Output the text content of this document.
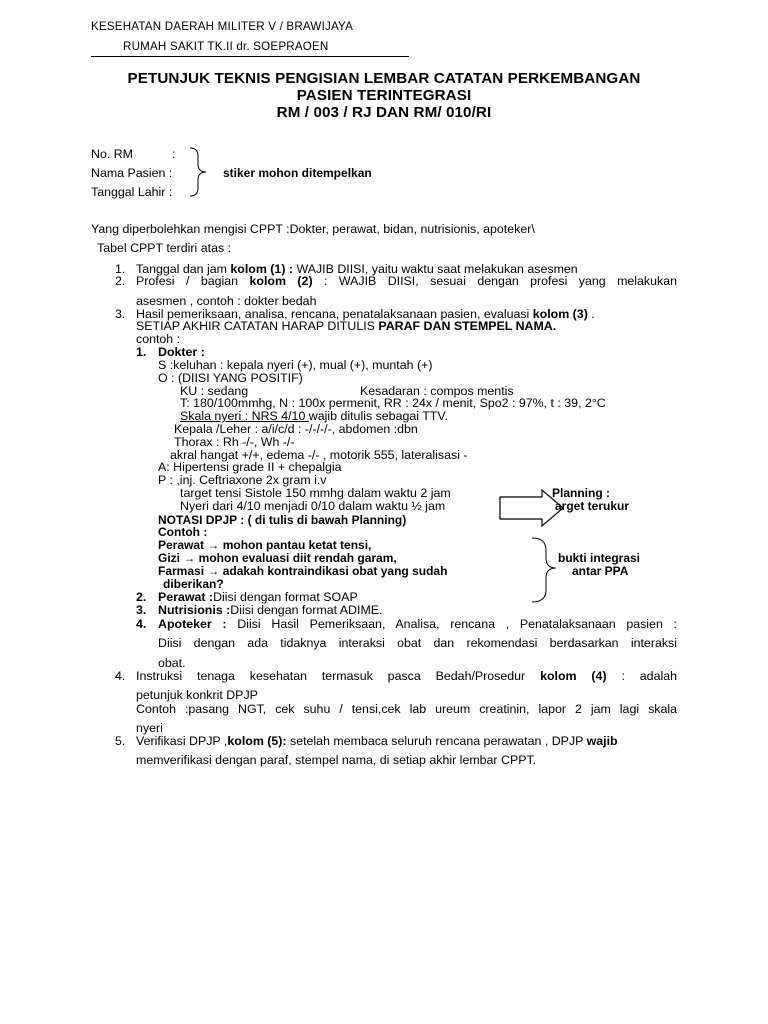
KESEHATAN DAERAH MILITER V / BRAWIJAYA
RUMAH SAKIT TK.II dr. SOEPRAOEN
PETUNJUK TEKNIS PENGISIAN LEMBAR CATATAN PERKEMBANGAN
PASIEN TERINTEGRASI
RM / 003 / RJ DAN RM/ 010/RI
No. RM	:
Nama Pasien :
Tanggal Lahir :
stiker mohon ditempelkan
Yang diperbolehkan mengisi CPPT :Dokter, perawat, bidan, nutrisionis, apoteker\
Tabel CPPT terdiri atas :
1. Tanggal dan jam kolom (1) : WAJIB DIISI, yaitu waktu saat melakukan asesmen
2. Profesi / bagian kolom (2) : WAJIB DIISI, sesuai dengan profesi yang melakukan
asesmen , contoh : dokter bedah
3. Hasil pemeriksaan, analisa, rencana, penatalaksanaan pasien, evaluasi kolom (3) .
SETIAP AKHIR CATATAN HARAP DITULIS PARAF DAN STEMPEL NAMA.
contoh :
1. Dokter :
S :keluhan : kepala nyeri (+), mual (+), muntah (+)
O : (DIISI YANG POSITIF)
KU : sedang	Kesadaran : compos mentis
T: 180/100mmhg, N : 100x permenit, RR : 24x / menit, Spo2 : 97%, t : 39, 2°C
Skala nyeri : NRS 4/10 wajib ditulis sebagai TTV.
Kepala /Leher : a/i/c/d : -/-/-/-, abdomen :dbn
Thorax : Rh -/-, Wh -/-
akral hangat +/+, edema -/- , motorik 555, lateralisasi -
A: Hipertensi grade II + chepalgia
P : ,inj. Ceftriaxone 2x gram i.v
target tensi Sistole 150 mmhg dalam waktu 2 jam
Nyeri dari 4/10 menjadi 0/10 dalam waktu ½ jam
Planning :
arget terukur
NOTASI DPJP : ( di tulis di bawah Planning)
Contoh :
Perawat → mohon pantau ketat tensi,
Gizi → mohon evaluasi diit rendah garam,
Farmasi → adakah kontraindikasi obat yang sudah
diberikan?
bukti integrasi
antar PPA
2. Perawat :Diisi dengan format SOAP
3. Nutrisionis :Diisi dengan format ADIME.
4. Apoteker : Diisi Hasil Pemeriksaan, Analisa, rencana , Penatalaksanaan pasien :
Diisi dengan ada tidaknya interaksi obat dan rekomendasi berdasarkan interaksi
obat.
4. Instruksi tenaga kesehatan termasuk pasca Bedah/Prosedur kolom (4) : adalah
petunjuk konkrit DPJP
Contoh :pasang NGT, cek suhu / tensi,cek lab ureum creatinin, lapor 2 jam lagi skala
nyeri
5. Verifikasi DPJP ,kolom (5): setelah membaca seluruh rencana perawatan , DPJP wajib
memverifikasi dengan paraf, stempel nama, di setiap akhir lembar CPPT.
